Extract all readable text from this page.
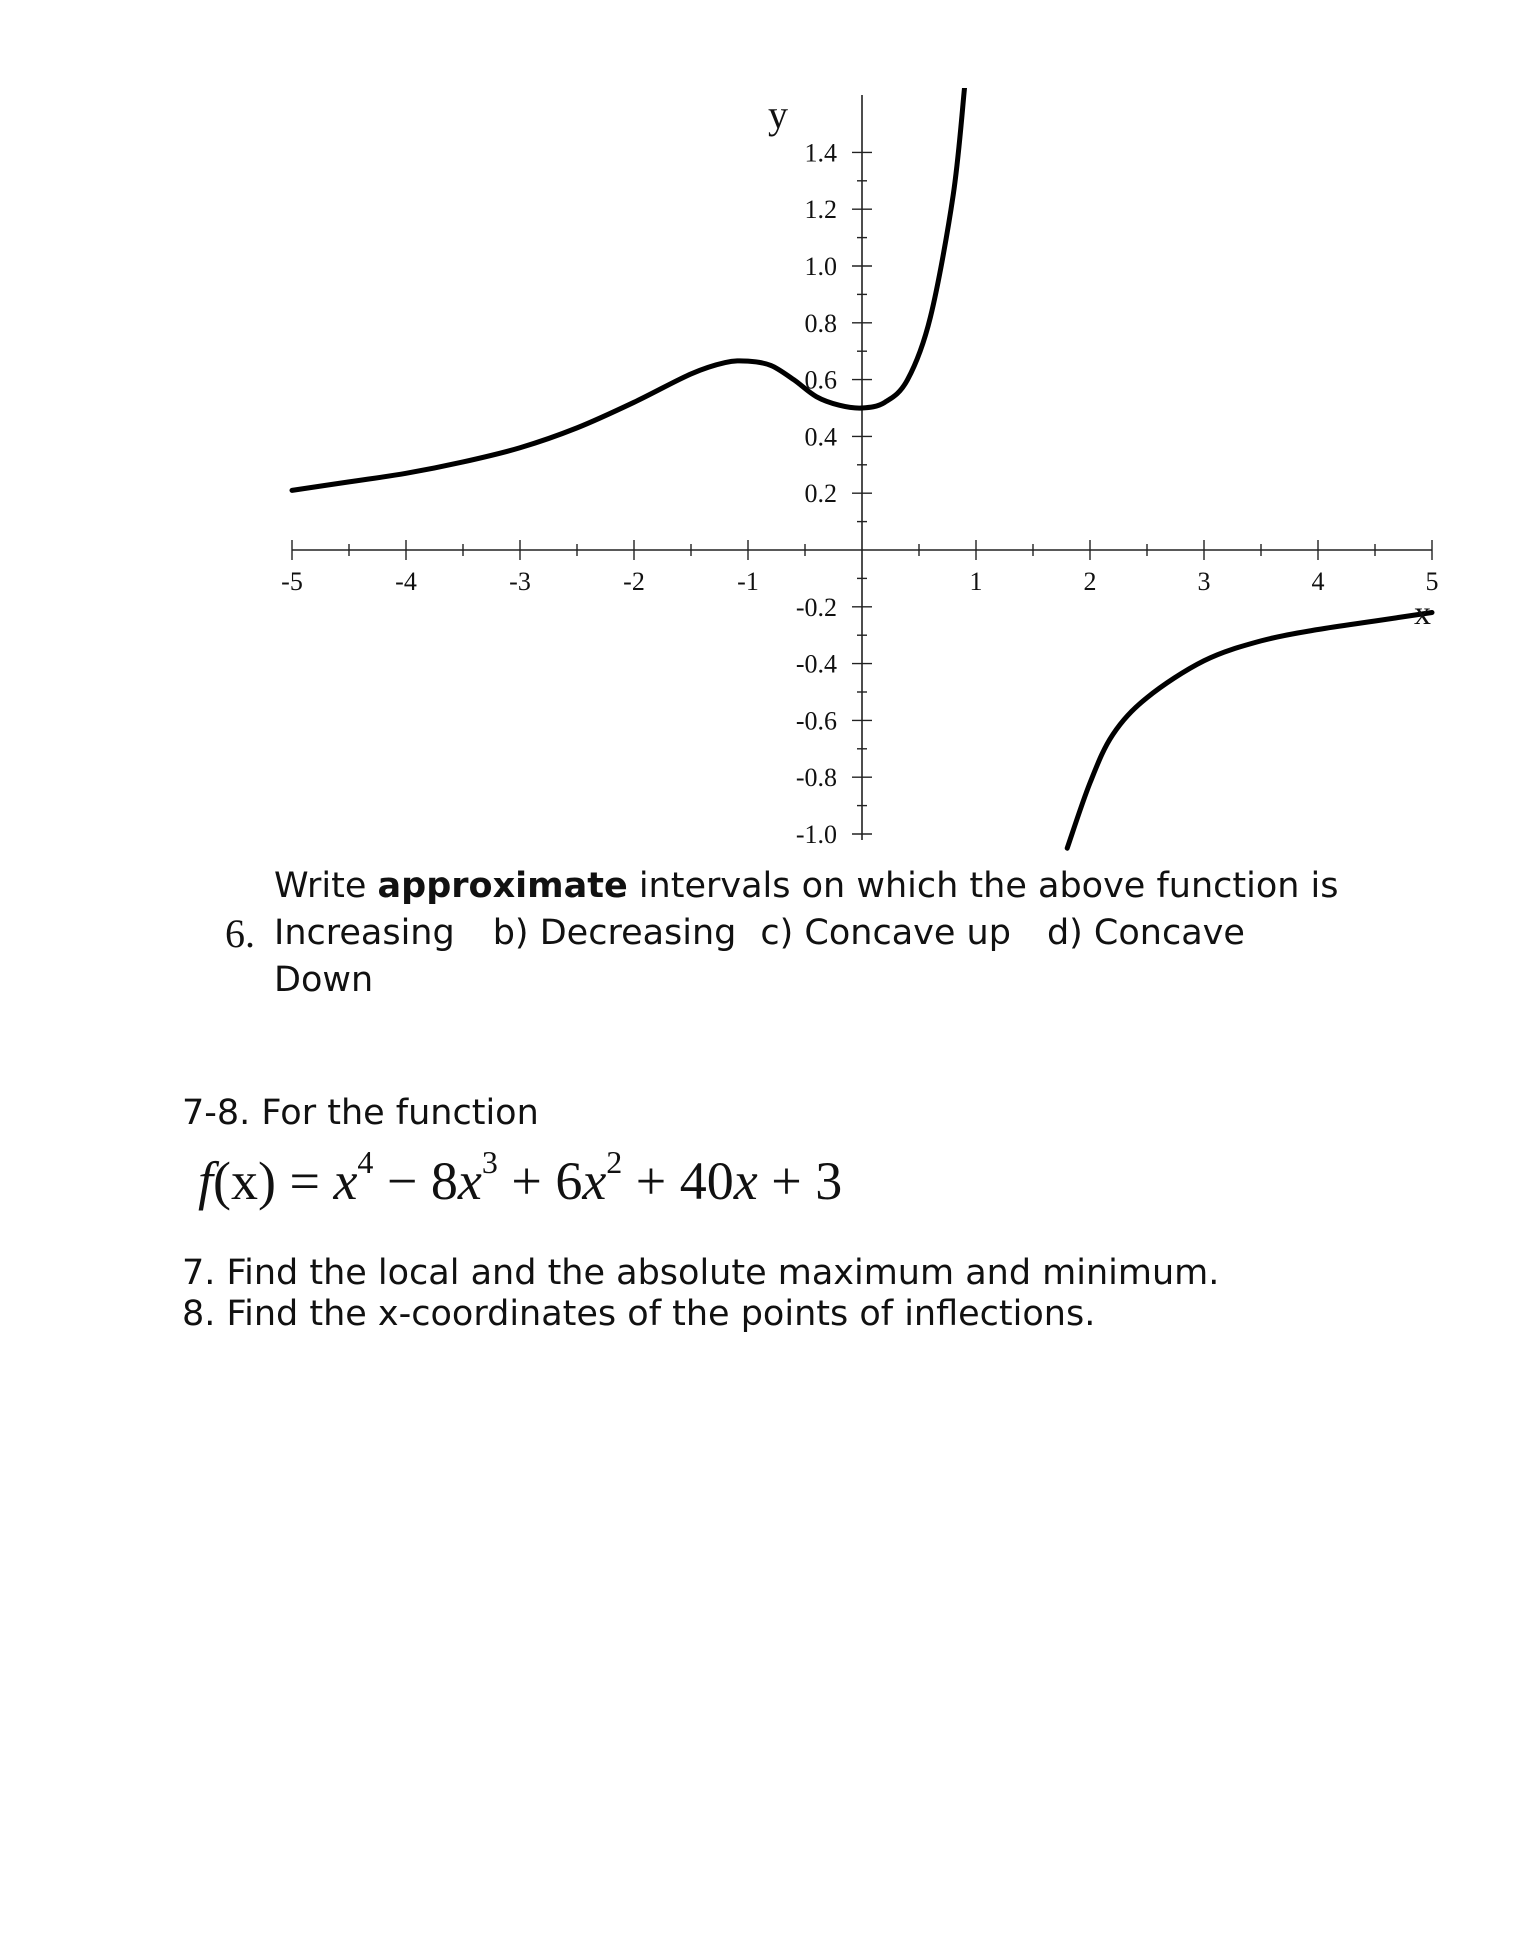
-5	-4	-3	-2	-1	1	2	3	4	5
1.4
1.2
1.0
0.8
0.6
0.4
0.2
-0.2
-0.4
-0.6
-0.8
-1.0
y
x
Write approximate intervals on which the above function is
6. Increasing b) Decreasing c) Concave up d) Concave
Down
7-8. For the function
$f(x) = x^4 - 8x^3 + 6x^2 + 40x + 3$
7. Find the local and the absolute maximum and minimum.
8. Find the x-coordinates of the points of inflections.
